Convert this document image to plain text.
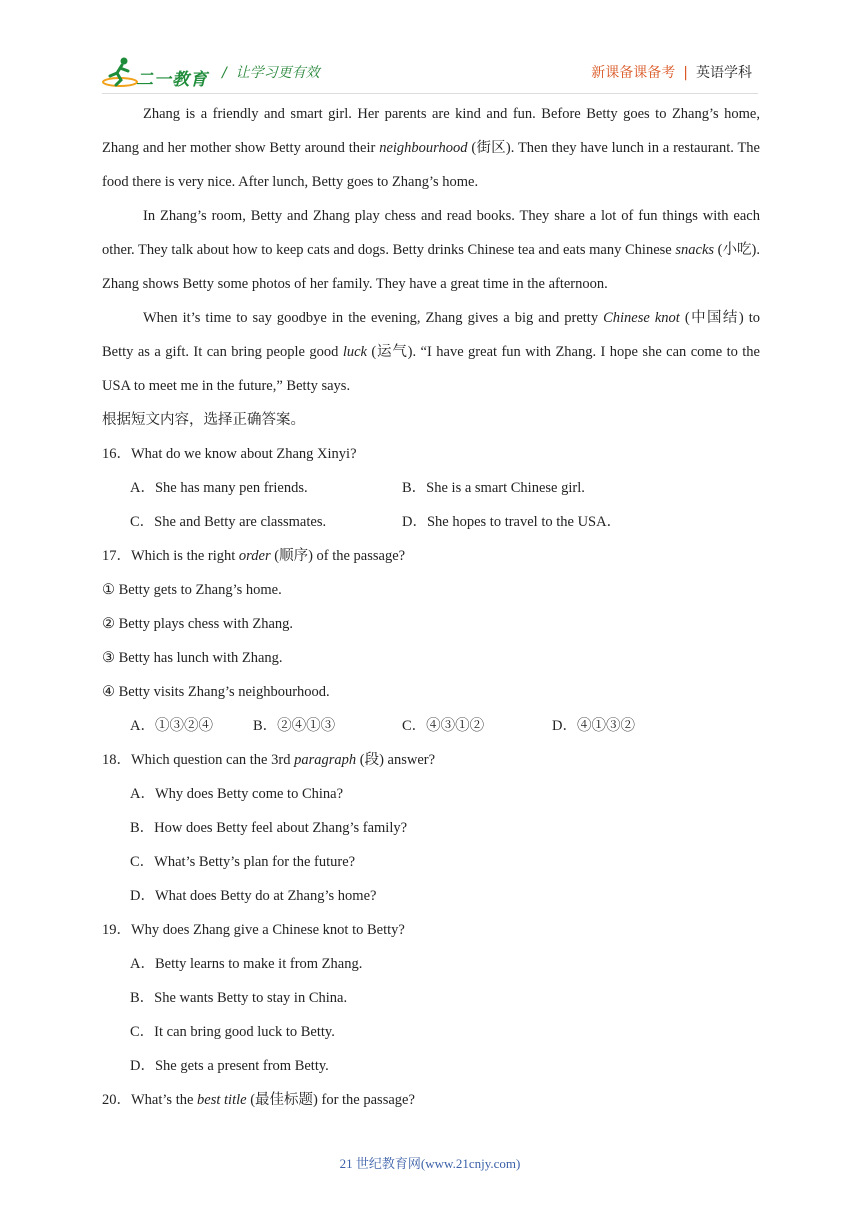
二一教育 /  让学习更有效	新课备课备考 | 英语学科

Zhang is a friendly and smart girl. Her parents are kind and fun. Before Betty goes to Zhang’s home, Zhang and her mother show Betty around their neighbourhood (街区). Then they have lunch in a restaurant. The food there is very nice. After lunch, Betty goes to Zhang’s home.

In Zhang’s room, Betty and Zhang play chess and read books. They share a lot of fun things with each other. They talk about how to keep cats and dogs. Betty drinks Chinese tea and eats many Chinese snacks (小吃). Zhang shows Betty some photos of her family. They have a great time in the afternoon.

When it’s time to say goodbye in the evening, Zhang gives a big and pretty Chinese knot (中国结) to Betty as a gift. It can bring people good luck (运气). “I have great fun with Zhang. I hope she can come to the USA to meet me in the future,” Betty says.

根据短文内容，选择正确答案。

16．What do we know about Zhang Xinyi?

A．She has many pen friends.	B．She is a smart Chinese girl.
C．She and Betty are classmates.	D．She hopes to travel to the USA．

17．Which is the right order (顺序) of the passage?

① Betty gets to Zhang’s home.

② Betty plays chess with Zhang.

③ Betty has lunch with Zhang.

④ Betty visits Zhang’s neighbourhood.

A．①③②④	B．②④①③	C．④③①②	D．④①③②

18．Which question can the 3rd paragraph (段) answer?

A．Why does Betty come to China?

B．How does Betty feel about Zhang’s family?

C．What’s Betty’s plan for the future?

D．What does Betty do at Zhang’s home?

19．Why does Zhang give a Chinese knot to Betty?

A．Betty learns to make it from Zhang.

B．She wants Betty to stay in China.

C．It can bring good luck to Betty.

D．She gets a present from Betty.

20．What’s the best title (最佳标题) for the passage?

21 世纪教育网(www.21cnjy.com)
